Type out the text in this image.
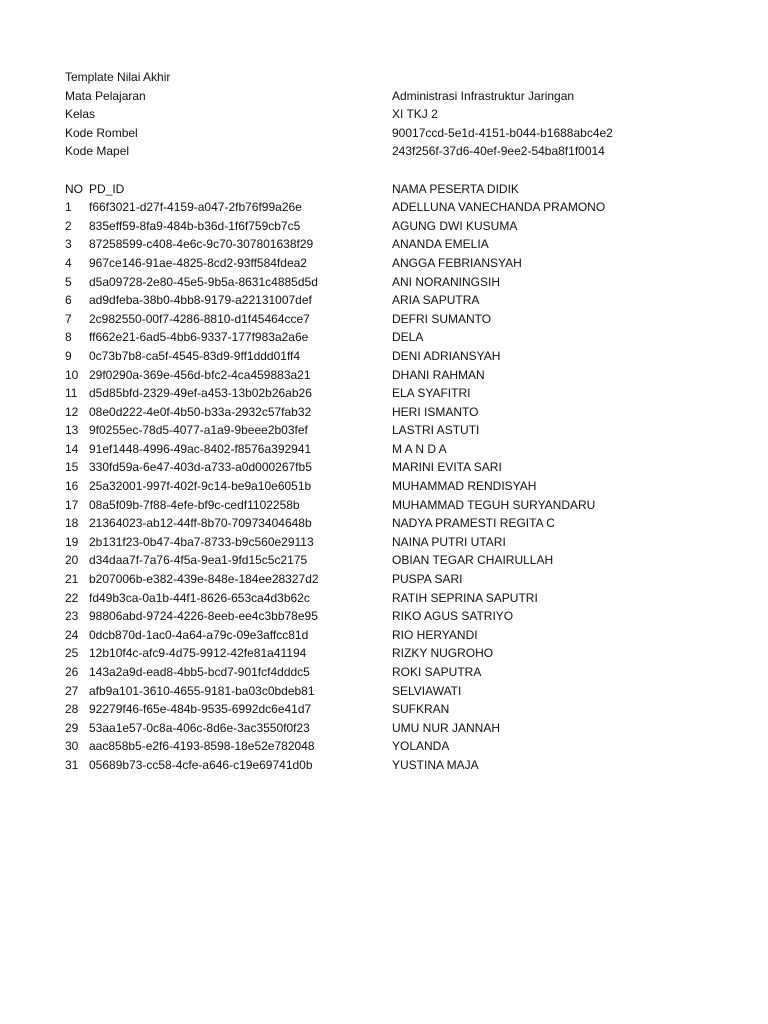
Template Nilai Akhir
Mata Pelajaran	Administrasi Infrastruktur Jaringan
Kelas	XI TKJ 2
Kode Rombel	90017ccd-5e1d-4151-b044-b1688abc4e2
Kode Mapel	243f256f-37d6-40ef-9ee2-54ba8f1f0014
NO PD_ID	NAMA PESERTA DIDIK
1 f66f3021-d27f-4159-a047-2fb76f99a26e	ADELLUNA VANECHANDA PRAMONO
2 835eff59-8fa9-484b-b36d-1f6f759cb7c5	AGUNG DWI KUSUMA
3 87258599-c408-4e6c-9c70-307801638f29	ANANDA EMELIA
4 967ce146-91ae-4825-8cd2-93ff584fdea2	ANGGA FEBRIANSYAH
5 d5a09728-2e80-45e5-9b5a-8631c4885d5d	ANI NORANINGSIH
6 ad9dfeba-38b0-4bb8-9179-a22131007def	ARIA SAPUTRA
7 2c982550-00f7-4286-8810-d1f45464cce7	DEFRI SUMANTO
8 ff662e21-6ad5-4bb6-9337-177f983a2a6e	DELA
9 0c73b7b8-ca5f-4545-83d9-9ff1ddd01ff4	DENI ADRIANSYAH
10 29f0290a-369e-456d-bfc2-4ca459883a21	DHANI RAHMAN
11 d5d85bfd-2329-49ef-a453-13b02b26ab26	ELA SYAFITRI
12 08e0d222-4e0f-4b50-b33a-2932c57fab32	HERI ISMANTO
13 9f0255ec-78d5-4077-a1a9-9beee2b03fef	LASTRI ASTUTI
14 91ef1448-4996-49ac-8402-f8576a392941	M A N D A
15 330fd59a-6e47-403d-a733-a0d000267fb5	MARINI EVITA SARI
16 25a32001-997f-402f-9c14-be9a10e6051b	MUHAMMAD RENDISYAH
17 08a5f09b-7f88-4efe-bf9c-cedf1102258b	MUHAMMAD TEGUH SURYANDARU
18 21364023-ab12-44ff-8b70-70973404648b	NADYA PRAMESTI REGITA C
19 2b131f23-0b47-4ba7-8733-b9c560e29113	NAINA PUTRI UTARI
20 d34daa7f-7a76-4f5a-9ea1-9fd15c5c2175	OBIAN TEGAR CHAIRULLAH
21 b207006b-e382-439e-848e-184ee28327d2	PUSPA SARI
22 fd49b3ca-0a1b-44f1-8626-653ca4d3b62c	RATIH SEPRINA SAPUTRI
23 98806abd-9724-4226-8eeb-ee4c3bb78e95	RIKO AGUS SATRIYO
24 0dcb870d-1ac0-4a64-a79c-09e3affcc81d	RIO HERYANDI
25 12b10f4c-afc9-4d75-9912-42fe81a41194	RIZKY NUGROHO
26 143a2a9d-ead8-4bb5-bcd7-901fcf4dddc5	ROKI SAPUTRA
27 afb9a101-3610-4655-9181-ba03c0bdeb81	SELVIAWATI
28 92279f46-f65e-484b-9535-6992dc6e41d7	SUFKRAN
29 53aa1e57-0c8a-406c-8d6e-3ac3550f0f23	UMU NUR JANNAH
30 aac858b5-e2f6-4193-8598-18e52e782048	YOLANDA
31 05689b73-cc58-4cfe-a646-c19e69741d0b	YUSTINA MAJA
